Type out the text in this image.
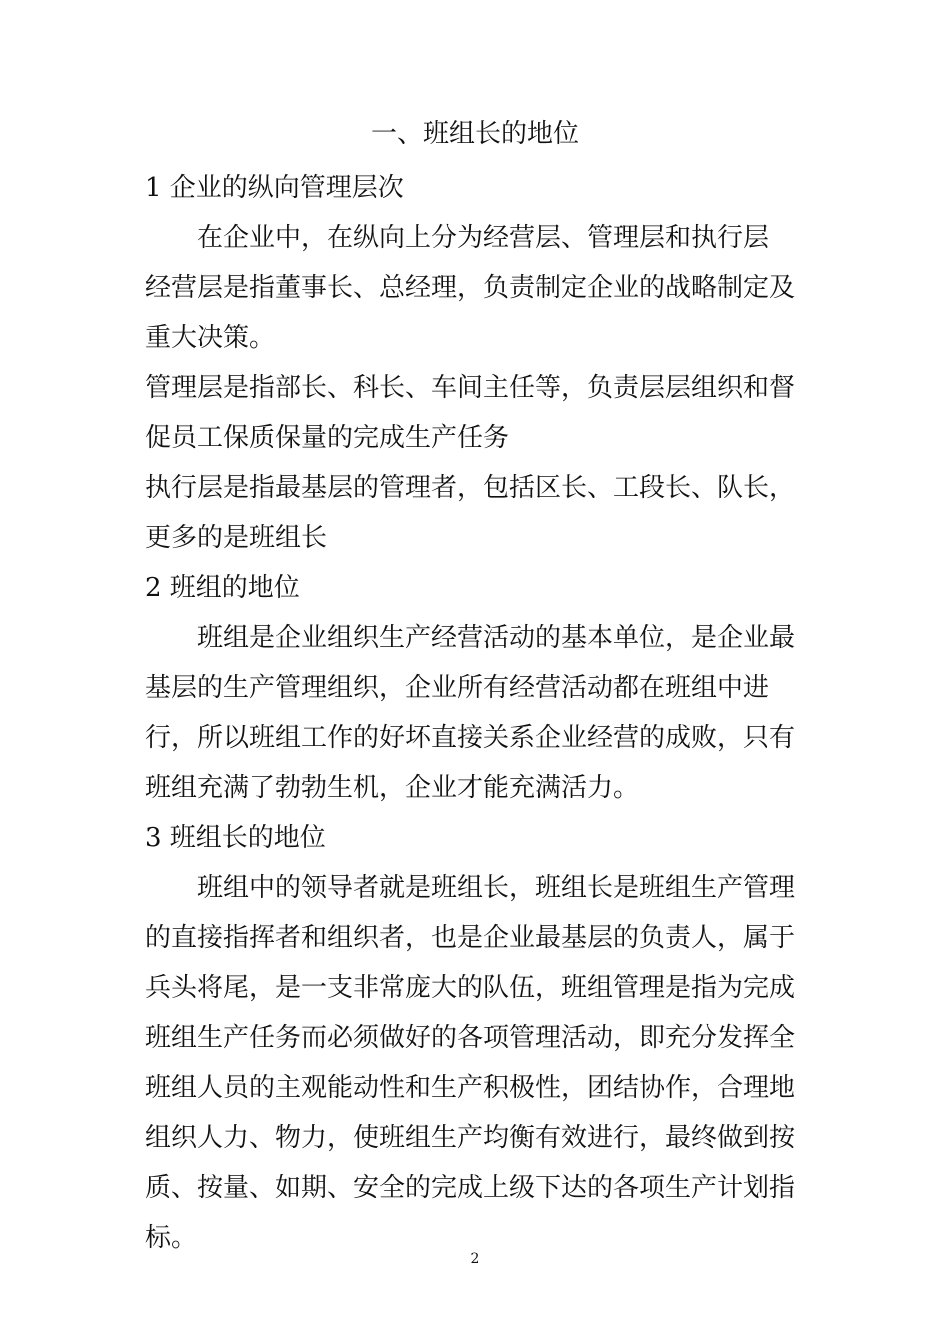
一、班组长的地位

1 企业的纵向管理层次

在企业中，在纵向上分为经营层、管理层和执行层

经营层是指董事长、总经理，负责制定企业的战略制定及重大决策。

管理层是指部长、科长、车间主任等，负责层层组织和督促员工保质保量的完成生产任务

执行层是指最基层的管理者，包括区长、工段长、队长，更多的是班组长

2 班组的地位

班组是企业组织生产经营活动的基本单位，是企业最基层的生产管理组织，企业所有经营活动都在班组中进行，所以班组工作的好坏直接关系企业经营的成败，只有班组充满了勃勃生机，企业才能充满活力。

3 班组长的地位

班组中的领导者就是班组长，班组长是班组生产管理的直接指挥者和组织者，也是企业最基层的负责人，属于兵头将尾，是一支非常庞大的队伍，班组管理是指为完成班组生产任务而必须做好的各项管理活动，即充分发挥全班组人员的主观能动性和生产积极性，团结协作，合理地组织人力、物力，使班组生产均衡有效进行，最终做到按质、按量、如期、安全的完成上级下达的各项生产计划指标。

2
